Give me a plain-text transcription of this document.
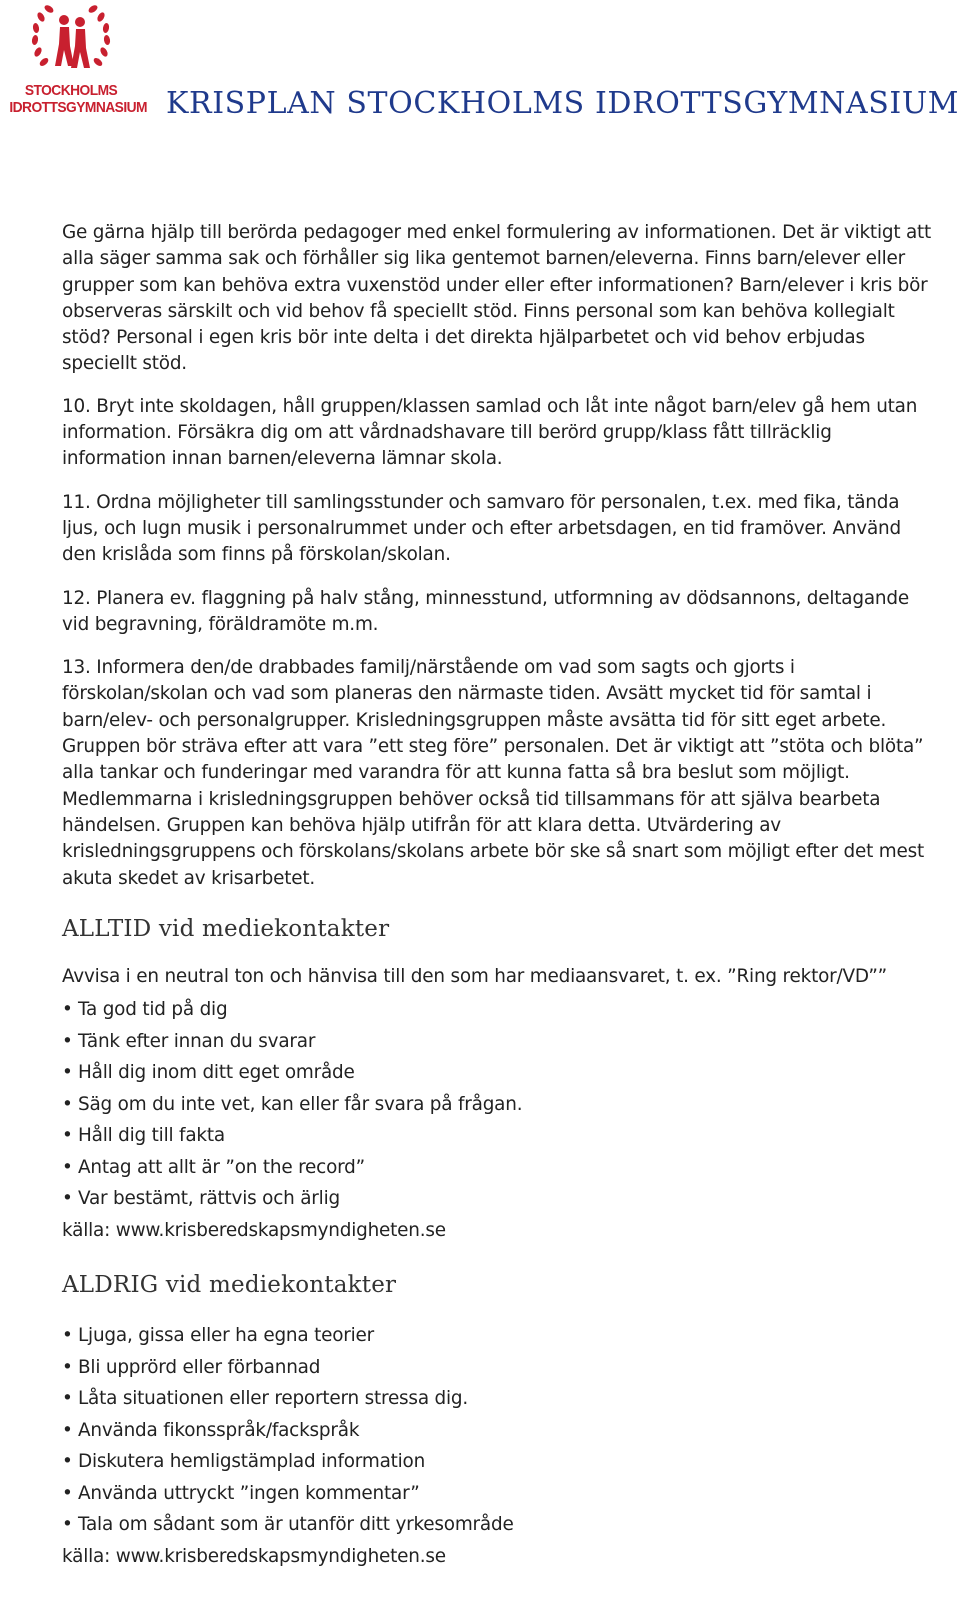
STOCKHOLMS
IDROTTSGYMNASIUM KRISPLAN STOCKHOLMS IDROTTSGYMNASIUM

Ge gärna hjälp till berörda pedagoger med enkel formulering av informationen. Det är viktigt att alla säger samma sak och förhåller sig lika gentemot barnen/eleverna. Finns barn/elever eller grupper som kan behöva extra vuxenstöd under eller efter informationen? Barn/elever i kris bör observeras särskilt och vid behov få speciellt stöd. Finns personal som kan behöva kollegialt stöd? Personal i egen kris bör inte delta i det direkta hjälparbetet och vid behov erbjudas speciellt stöd.

10. Bryt inte skoldagen, håll gruppen/klassen samlad och låt inte något barn/elev gå hem utan information. Försäkra dig om att vårdnadshavare till berörd grupp/klass fått tillräcklig information innan barnen/eleverna lämnar skola.

11. Ordna möjligheter till samlingsstunder och samvaro för personalen, t.ex. med fika, tända ljus, och lugn musik i personalrummet under och efter arbetsdagen, en tid framöver. Använd den krislåda som finns på förskolan/skolan.

12. Planera ev. flaggning på halv stång, minnesstund, utformning av dödsannons, deltagande vid begravning, föräldramöte m.m.

13. Informera den/de drabbades familj/närstående om vad som sagts och gjorts i förskolan/skolan och vad som planeras den närmaste tiden. Avsätt mycket tid för samtal i barn/elev- och personalgrupper. Krisledningsgruppen måste avsätta tid för sitt eget arbete. Gruppen bör sträva efter att vara ”ett steg före” personalen. Det är viktigt att ”stöta och blöta” alla tankar och funderingar med varandra för att kunna fatta så bra beslut som möjligt.

Medlemmarna i krisledningsgruppen behöver också tid tillsammans för att själva bearbeta händelsen. Gruppen kan behöva hjälp utifrån för att klara detta. Utvärdering av krisledningsgruppens och förskolans/skolans arbete bör ske så snart som möjligt efter det mest akuta skedet av krisarbetet.

ALLTID vid mediekontakter

Avvisa i en neutral ton och hänvisa till den som har mediaansvaret, t. ex. ”Ring rektor/VD””

• Ta god tid på dig
• Tänk efter innan du svarar
• Håll dig inom ditt eget område
• Säg om du inte vet, kan eller får svara på frågan.
• Håll dig till fakta
• Antag att allt är ”on the record”
• Var bestämt, rättvis och ärlig
källa: www.krisberedskapsmyndigheten.se
ALDRIG vid mediekontakter
• Ljuga, gissa eller ha egna teorier
• Bli upprörd eller förbannad
• Låta situationen eller reportern stressa dig.
• Använda fikonsspråk/fackspråk
• Diskutera hemligstämplad information
• Använda uttryckt ”ingen kommentar”
• Tala om sådant som är utanför ditt yrkesområde
källa: www.krisberedskapsmyndigheten.se
